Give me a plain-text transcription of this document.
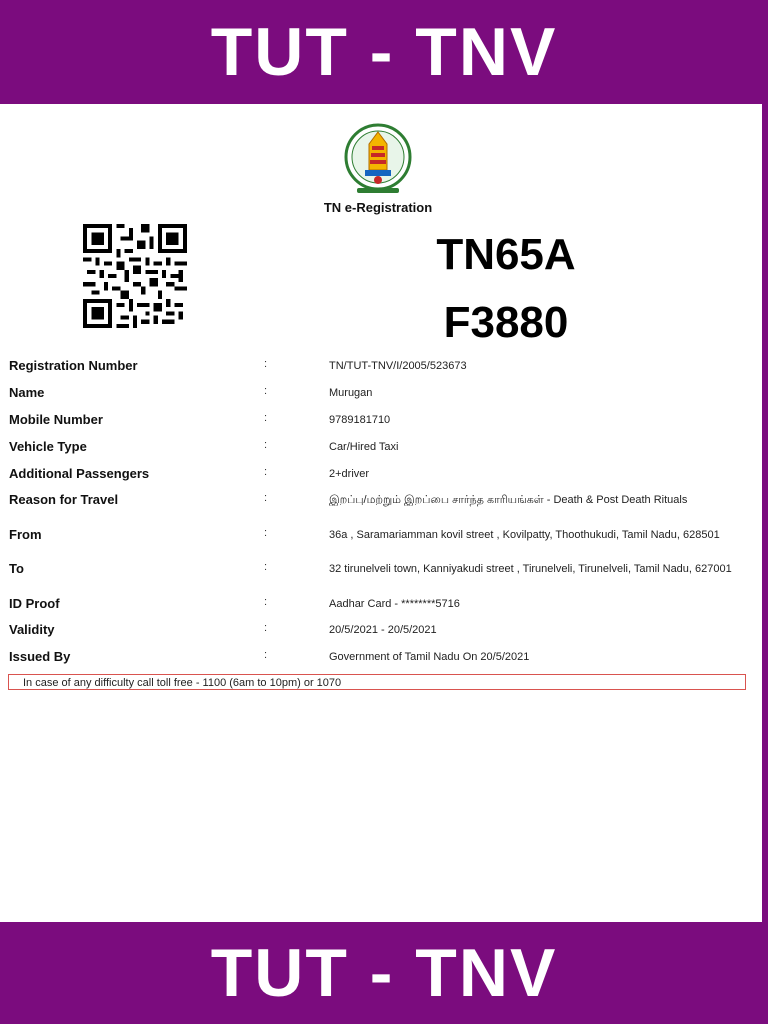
TUT - TNV
TN e-Registration
TN65A
F3880
Registration Number	:	TN/TUT-TNV/I/2005/523673
Name	:	Murugan
Mobile Number	:	9789181710
Vehicle Type	:	Car/Hired Taxi
Additional Passengers	:	2+driver
Reason for Travel	:	இறப்பு/மற்றும் இறப்பை சார்ந்த காரியங்கள் - Death & Post Death Rituals
From	:	36a , Saramariamman kovil street , Kovilpatty, Thoothukudi, Tamil Nadu, 628501
To	:	32 tirunelveli town, Kanniyakudi street , Tirunelveli, Tirunelveli, Tamil Nadu, 627001
ID Proof	:	Aadhar Card - ********5716
Validity	:	20/5/2021 - 20/5/2021
Issued By	:	Government of Tamil Nadu On 20/5/2021
In case of any difficulty call toll free - 1100 (6am to 10pm) or 1070
TUT - TNV
